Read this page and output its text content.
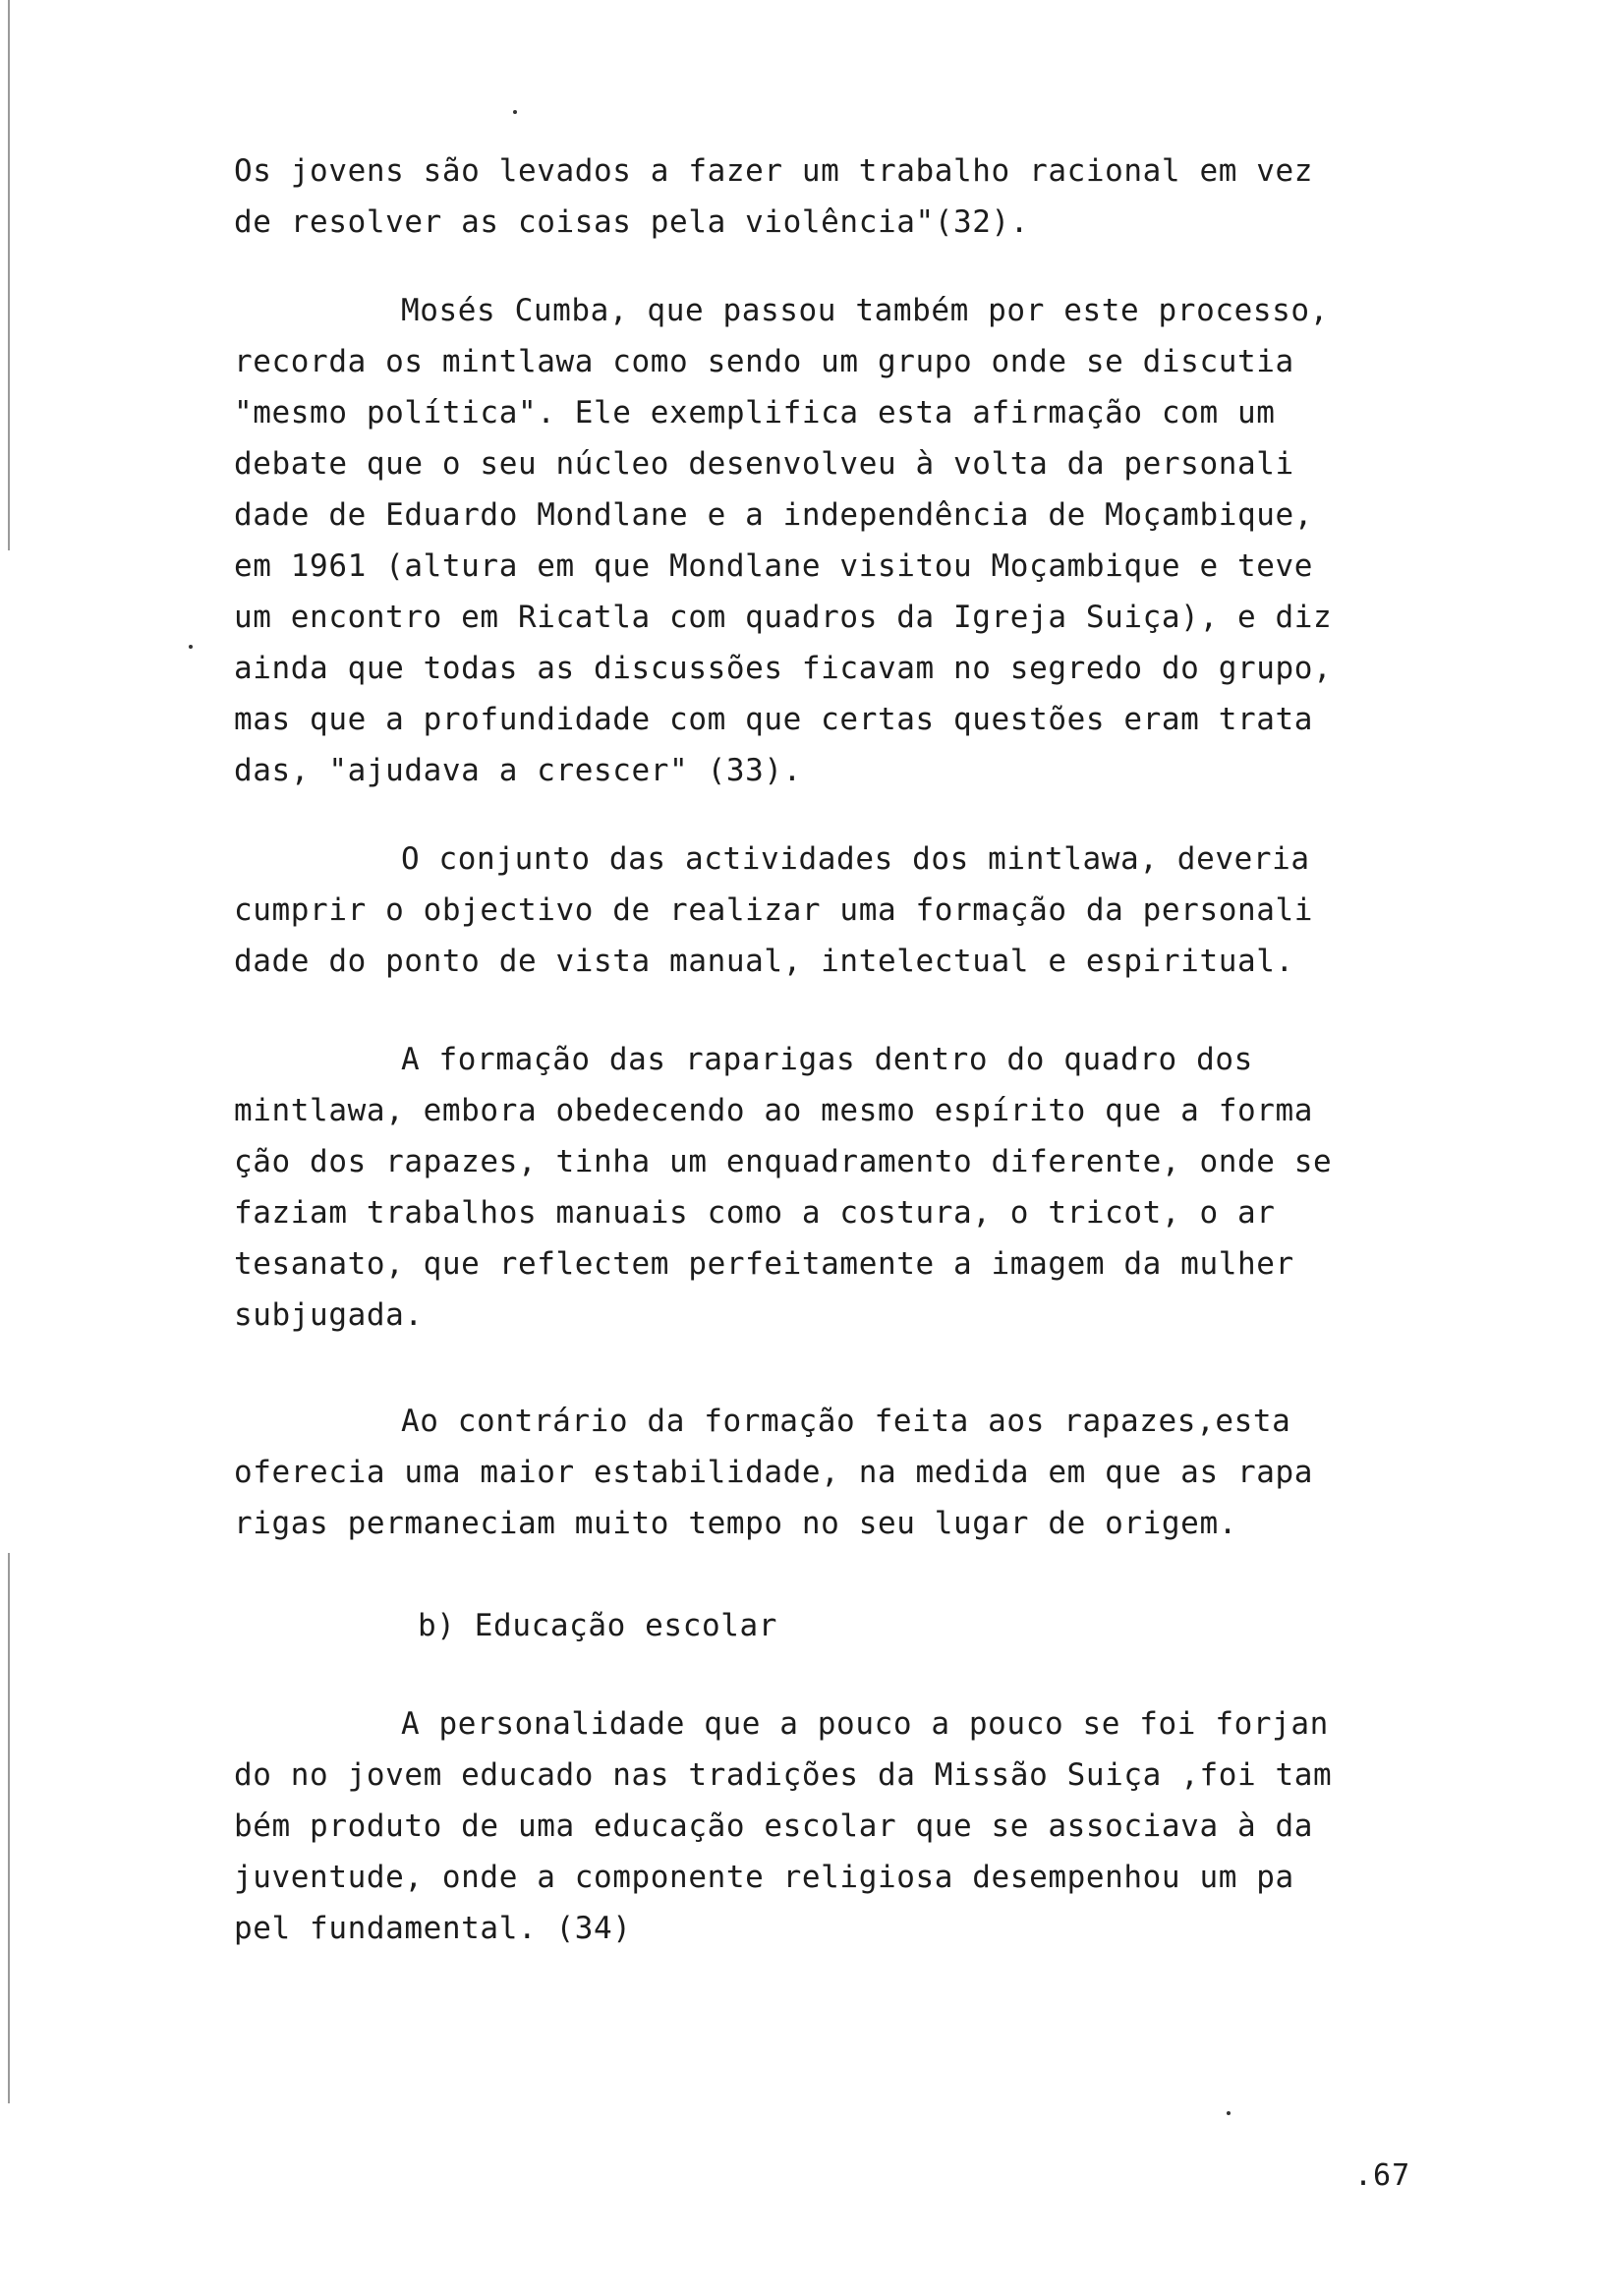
Os jovens são levados a fazer um trabalho racional em vez
de resolver as coisas pela violência"(32).

Mosés Cumba, que passou também por este processo,
recorda os mintlawa como sendo um grupo onde se discutia
"mesmo política". Ele exemplifica esta afirmação com um
debate que o seu núcleo desenvolveu à volta da personali
dade de Eduardo Mondlane e a independência de Moçambique,
em 1961 (altura em que Mondlane visitou Moçambique e teve
um encontro em Ricatla com quadros da Igreja Suiça), e diz
ainda que todas as discussões ficavam no segredo do grupo,
mas que a profundidade com que certas questões eram trata
das, "ajudava a crescer" (33).

O conjunto das actividades dos mintlawa, deveria
cumprir o objectivo de realizar uma formação da personali
dade do ponto de vista manual, intelectual e espiritual.

A formação das raparigas dentro do quadro dos
mintlawa, embora obedecendo ao mesmo espírito que a forma
ção dos rapazes, tinha um enquadramento diferente, onde se
faziam trabalhos manuais como a costura, o tricot, o ar
tesanato, que reflectem perfeitamente a imagem da mulher
subjugada.

Ao contrário da formação feita aos rapazes,esta
oferecia uma maior estabilidade, na medida em que as rapa
rigas permaneciam muito tempo no seu lugar de origem.

b) Educação escolar

A personalidade que a pouco a pouco se foi forjan
do no jovem educado nas tradições da Missão Suiça ,foi tam
bém produto de uma educação escolar que se associava à da
juventude, onde a componente religiosa desempenhou um pa
pel fundamental. (34)

.67
